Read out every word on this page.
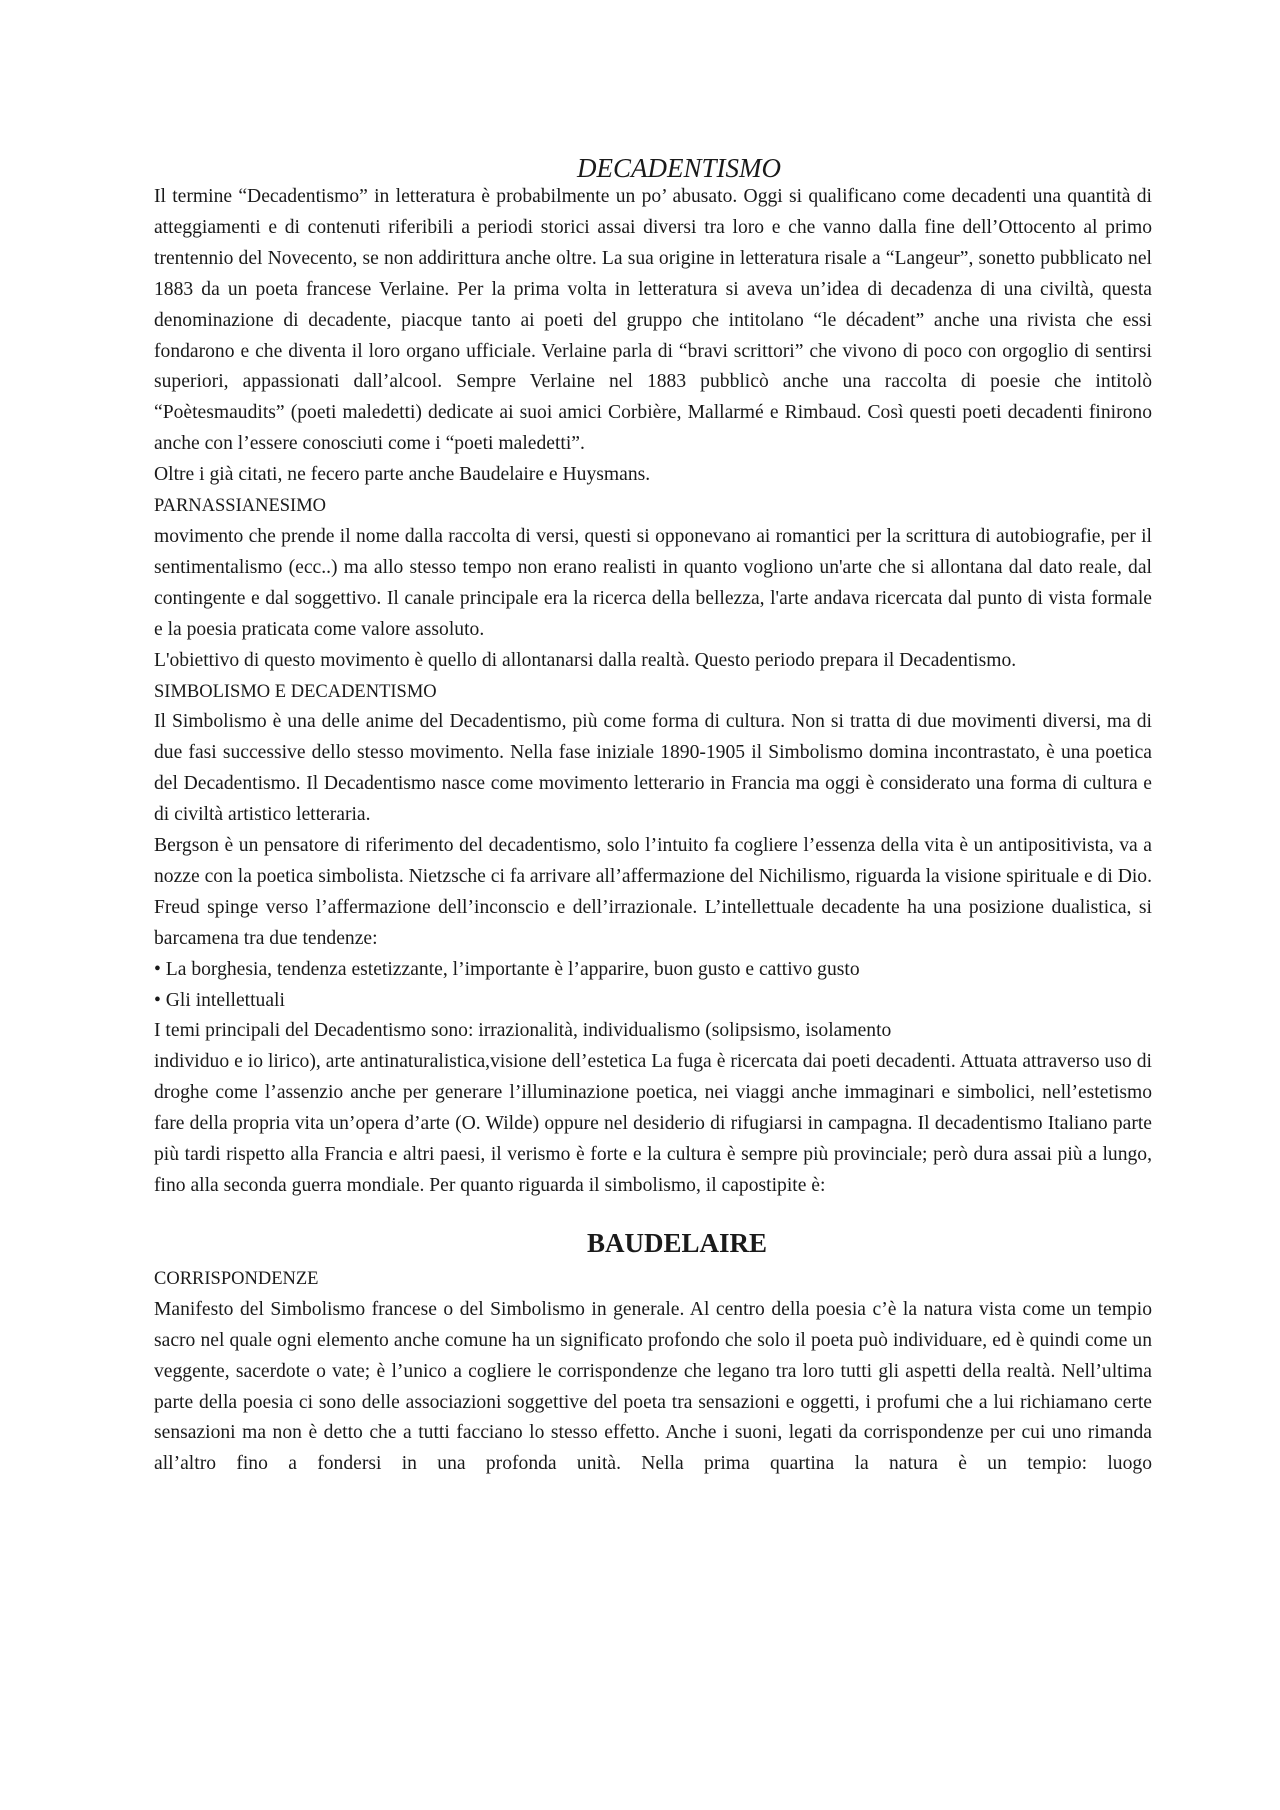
DECADENTISMO

Il termine “Decadentismo” in letteratura è probabilmente un po’ abusato. Oggi si qualificano come decadenti una quantità di atteggiamenti e di contenuti riferibili a periodi storici assai diversi tra loro e che vanno dalla fine dell’Ottocento al primo trentennio del Novecento, se non addirittura anche oltre. La sua origine in letteratura risale a “Langeur”, sonetto pubblicato nel 1883 da un poeta francese Verlaine. Per la prima volta in letteratura si aveva un’idea di decadenza di una civiltà, questa denominazione di decadente, piacque tanto ai poeti del gruppo che intitolano “le décadent” anche una rivista che essi fondarono e che diventa il loro organo ufficiale. Verlaine parla di “bravi scrittori” che vivono di poco con orgoglio di sentirsi superiori, appassionati dall’alcool. Sempre Verlaine nel 1883 pubblicò anche una raccolta di poesie che intitolò “Poètesmaudits” (poeti maledetti) dedicate ai suoi amici Corbière, Mallarmé e Rimbaud. Così questi poeti decadenti finirono anche con l’essere conosciuti come i “poeti maledetti”.

Oltre i già citati, ne fecero parte anche Baudelaire e Huysmans.

PARNASSIANESIMO

movimento che prende il nome dalla raccolta di versi, questi si opponevano ai romantici per la scrittura di autobiografie, per il sentimentalismo (ecc..) ma allo stesso tempo non erano realisti in quanto vogliono un'arte che si allontana dal dato reale, dal contingente e dal soggettivo. Il canale principale era la ricerca della bellezza, l'arte andava ricercata dal punto di vista formale e la poesia praticata come valore assoluto.

L'obiettivo di questo movimento è quello di allontanarsi dalla realtà. Questo periodo prepara il Decadentismo.

SIMBOLISMO E DECADENTISMO

Il Simbolismo è una delle anime del Decadentismo, più come forma di cultura. Non si tratta di due movimenti diversi, ma di due fasi successive dello stesso movimento. Nella fase iniziale 1890-1905 il Simbolismo domina incontrastato, è una poetica del Decadentismo. Il Decadentismo nasce come movimento letterario in Francia ma oggi è considerato una forma di cultura e di civiltà artistico letteraria.

Bergson è un pensatore di riferimento del decadentismo, solo l’intuito fa cogliere l’essenza della vita è un antipositivista, va a nozze con la poetica simbolista. Nietzsche ci fa arrivare all’affermazione del Nichilismo, riguarda la visione spirituale e di Dio. Freud spinge verso l’affermazione dell’inconscio e dell’irrazionale. L’intellettuale decadente ha una posizione dualistica, si barcamena tra due tendenze:

• La borghesia, tendenza estetizzante, l’importante è l’apparire, buon gusto e cattivo gusto

• Gli intellettuali

I temi principali del Decadentismo sono: irrazionalità, individualismo (solipsismo, isolamento

individuo e io lirico), arte antinaturalistica,visione dell’estetica La fuga è ricercata dai poeti decadenti. Attuata attraverso uso di droghe come l’assenzio anche per generare l’illuminazione poetica, nei viaggi anche immaginari e simbolici, nell’estetismo fare della propria vita un’opera d’arte (O. Wilde) oppure nel desiderio di rifugiarsi in campagna. Il decadentismo Italiano parte più tardi rispetto alla Francia e altri paesi, il verismo è forte e la cultura è sempre più provinciale; però dura assai più a lungo, fino alla seconda guerra mondiale. Per quanto riguarda il simbolismo, il capostipite è:

BAUDELAIRE

CORRISPONDENZE

Manifesto del Simbolismo francese o del Simbolismo in generale. Al centro della poesia c’è la natura vista come un tempio sacro nel quale ogni elemento anche comune ha un significato profondo che solo il poeta può individuare, ed è quindi come un veggente, sacerdote o vate; è l’unico a cogliere le corrispondenze che legano tra loro tutti gli aspetti della realtà. Nell’ultima parte della poesia ci sono delle associazioni soggettive del poeta tra sensazioni e oggetti, i profumi che a lui richiamano certe sensazioni ma non è detto che a tutti facciano lo stesso effetto. Anche i suoni, legati da corrispondenze per cui uno rimanda all’altro fino a fondersi in una profonda unità. Nella prima quartina la natura è un tempio: luogo
